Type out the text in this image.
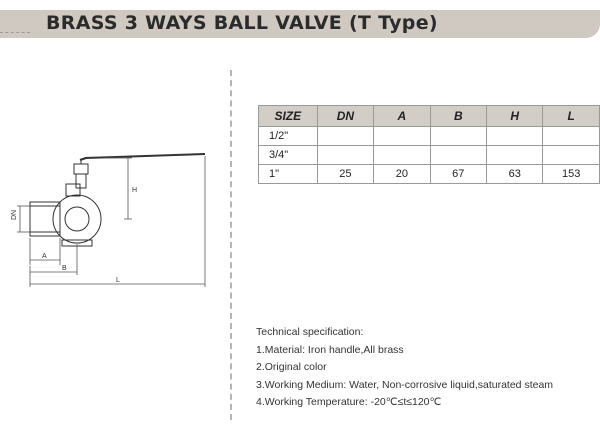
BRASS 3 WAYS BALL VALVE (T Type)
DN
H
A
B
L
SIZE	DN	A	B	H	L
1/2"					
3/4"					
1"	25	20	67	63	153
Technical specification:
1.Material: Iron handle,All brass
2.Original color
3.Working Medium: Water, Non-corrosive liquid,saturated steam
4.Working Temperature: -20℃≤t≤120℃
